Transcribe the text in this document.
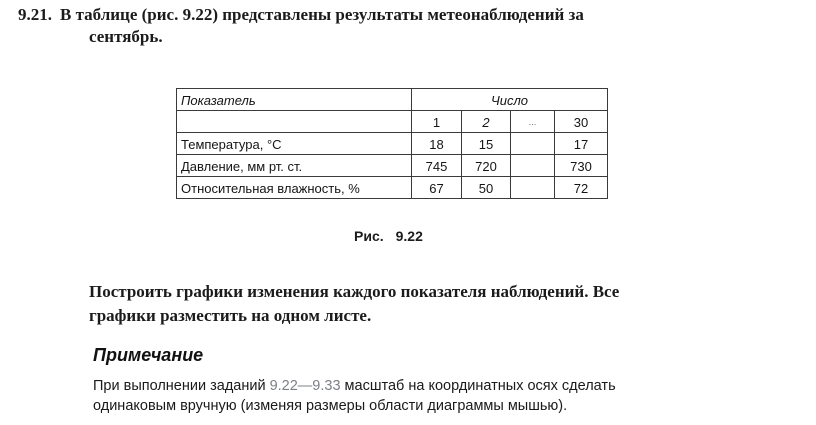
9.21. В таблице (рис. 9.22) представлены результаты метеонаблюдений за
сентябрь.
Показатель	Число			
	1	2	...	30
Температура, °С	18	15		17
Давление, мм рт. ст.	745	720		730
Относительная влажность, %	67	50		72
Рис. 9.22
Построить графики изменения каждого показателя наблюдений. Все
графики разместить на одном листе.
Примечание
При выполнении заданий 9.22—9.33 масштаб на координатных осях сделать
одинаковым вручную (изменяя размеры области диаграммы мышью).
